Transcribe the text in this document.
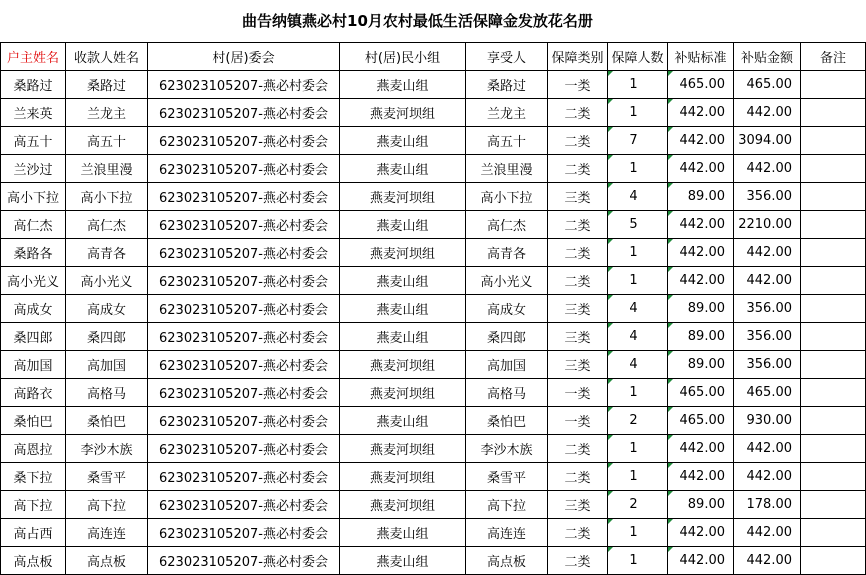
曲告纳镇燕必村10月农村最低生活保障金发放花名册
户主姓名	收款人姓名	村(居)委会	村(居)民小组	享受人	保障类别	保障人数	补贴标准	补贴金额	备注
桑路过	桑路过	623023105207-燕必村委会	燕麦山组	桑路过	一类	1	465.00	465.00	
兰来英	兰龙主	623023105207-燕必村委会	燕麦河坝组	兰龙主	二类	1	442.00	442.00	
高五十	高五十	623023105207-燕必村委会	燕麦山组	高五十	二类	7	442.00	3094.00	
兰沙过	兰浪里漫	623023105207-燕必村委会	燕麦山组	兰浪里漫	二类	1	442.00	442.00	
高小下拉	高小下拉	623023105207-燕必村委会	燕麦河坝组	高小下拉	三类	4	89.00	356.00	
高仁杰	高仁杰	623023105207-燕必村委会	燕麦山组	高仁杰	二类	5	442.00	2210.00	
桑路各	高青各	623023105207-燕必村委会	燕麦河坝组	高青各	二类	1	442.00	442.00	
高小光义	高小光义	623023105207-燕必村委会	燕麦山组	高小光义	二类	1	442.00	442.00	
高成女	高成女	623023105207-燕必村委会	燕麦山组	高成女	三类	4	89.00	356.00	
桑四郎	桑四郎	623023105207-燕必村委会	燕麦山组	桑四郎	三类	4	89.00	356.00	
高加国	高加国	623023105207-燕必村委会	燕麦河坝组	高加国	三类	4	89.00	356.00	
高路衣	高格马	623023105207-燕必村委会	燕麦河坝组	高格马	一类	1	465.00	465.00	
桑怕巴	桑怕巴	623023105207-燕必村委会	燕麦山组	桑怕巴	一类	2	465.00	930.00	
高恩拉	李沙木族	623023105207-燕必村委会	燕麦河坝组	李沙木族	二类	1	442.00	442.00	
桑下拉	桑雪平	623023105207-燕必村委会	燕麦河坝组	桑雪平	二类	1	442.00	442.00	
高下拉	高下拉	623023105207-燕必村委会	燕麦河坝组	高下拉	三类	2	89.00	178.00	
高占西	高连连	623023105207-燕必村委会	燕麦山组	高连连	二类	1	442.00	442.00	
高点板	高点板	623023105207-燕必村委会	燕麦山组	高点板	二类	1	442.00	442.00	
